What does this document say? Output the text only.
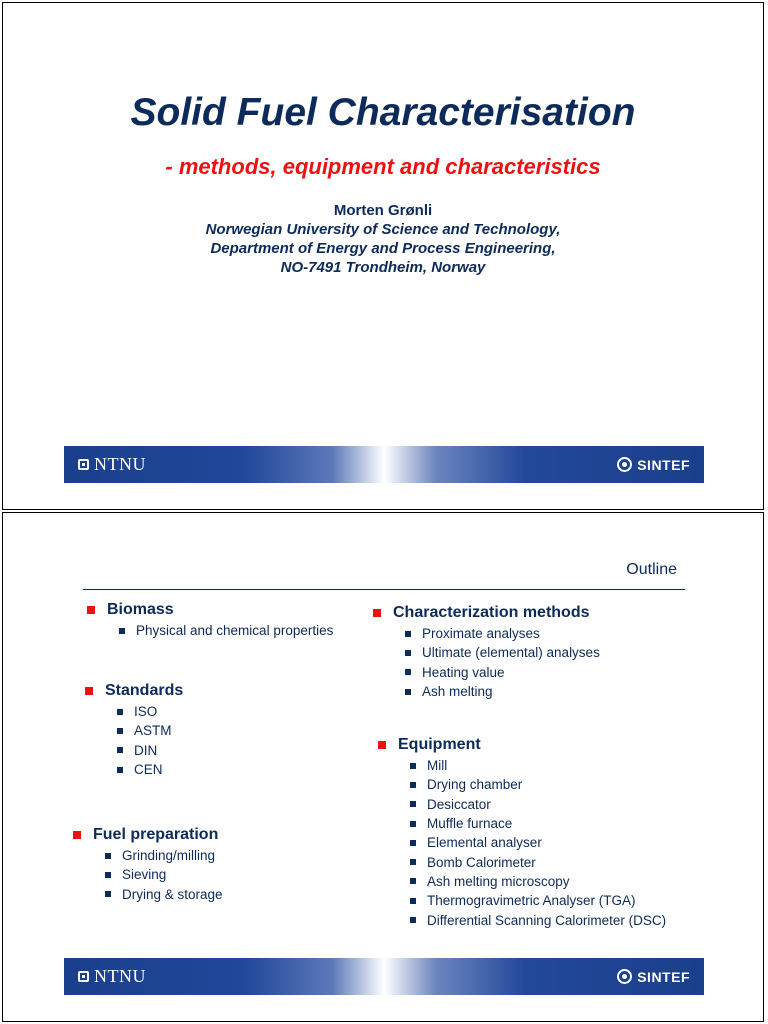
Solid Fuel Characterisation
- methods, equipment and characteristics
Morten Grønli
Norwegian University of Science and Technology,
Department of Energy and Process Engineering,
NO-7491 Trondheim, Norway
NTNU	SINTEF
Outline
Biomass
Physical and chemical properties
Standards
ISO
ASTM
DIN
CEN
Fuel preparation
Grinding/milling
Sieving
Drying & storage
Characterization methods
Proximate analyses
Ultimate (elemental) analyses
Heating value
Ash melting
Equipment
Mill
Drying chamber
Desiccator
Muffle furnace
Elemental analyser
Bomb Calorimeter
Ash melting microscopy
Thermogravimetric Analyser (TGA)
Differential Scanning Calorimeter (DSC)
NTNU	SINTEF
